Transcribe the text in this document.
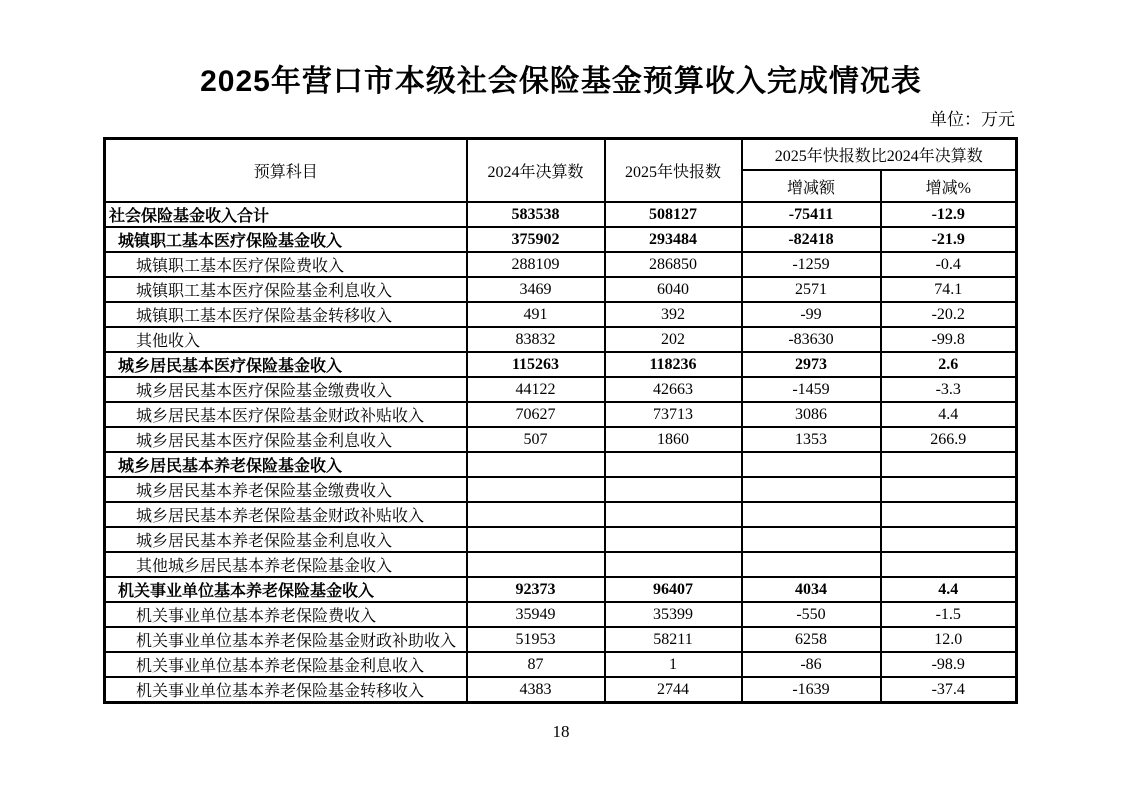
2025年营口市本级社会保险基金预算收入完成情况表
单位：万元
预算科目	2024年决算数	2025年快报数	2025年快报数比2024年决算数	
			增减额	增减%
社会保险基金收入合计	583538	508127	-75411	-12.9
城镇职工基本医疗保险基金收入	375902	293484	-82418	-21.9
城镇职工基本医疗保险费收入	288109	286850	-1259	-0.4
城镇职工基本医疗保险基金利息收入	3469	6040	2571	74.1
城镇职工基本医疗保险基金转移收入	491	392	-99	-20.2
其他收入	83832	202	-83630	-99.8
城乡居民基本医疗保险基金收入	115263	118236	2973	2.6
城乡居民基本医疗保险基金缴费收入	44122	42663	-1459	-3.3
城乡居民基本医疗保险基金财政补贴收入	70627	73713	3086	4.4
城乡居民基本医疗保险基金利息收入	507	1860	1353	266.9
城乡居民基本养老保险基金收入				
城乡居民基本养老保险基金缴费收入				
城乡居民基本养老保险基金财政补贴收入				
城乡居民基本养老保险基金利息收入				
其他城乡居民基本养老保险基金收入				
机关事业单位基本养老保险基金收入	92373	96407	4034	4.4
机关事业单位基本养老保险费收入	35949	35399	-550	-1.5
机关事业单位基本养老保险基金财政补助收入	51953	58211	6258	12.0
机关事业单位基本养老保险基金利息收入	87	1	-86	-98.9
机关事业单位基本养老保险基金转移收入	4383	2744	-1639	-37.4
18
